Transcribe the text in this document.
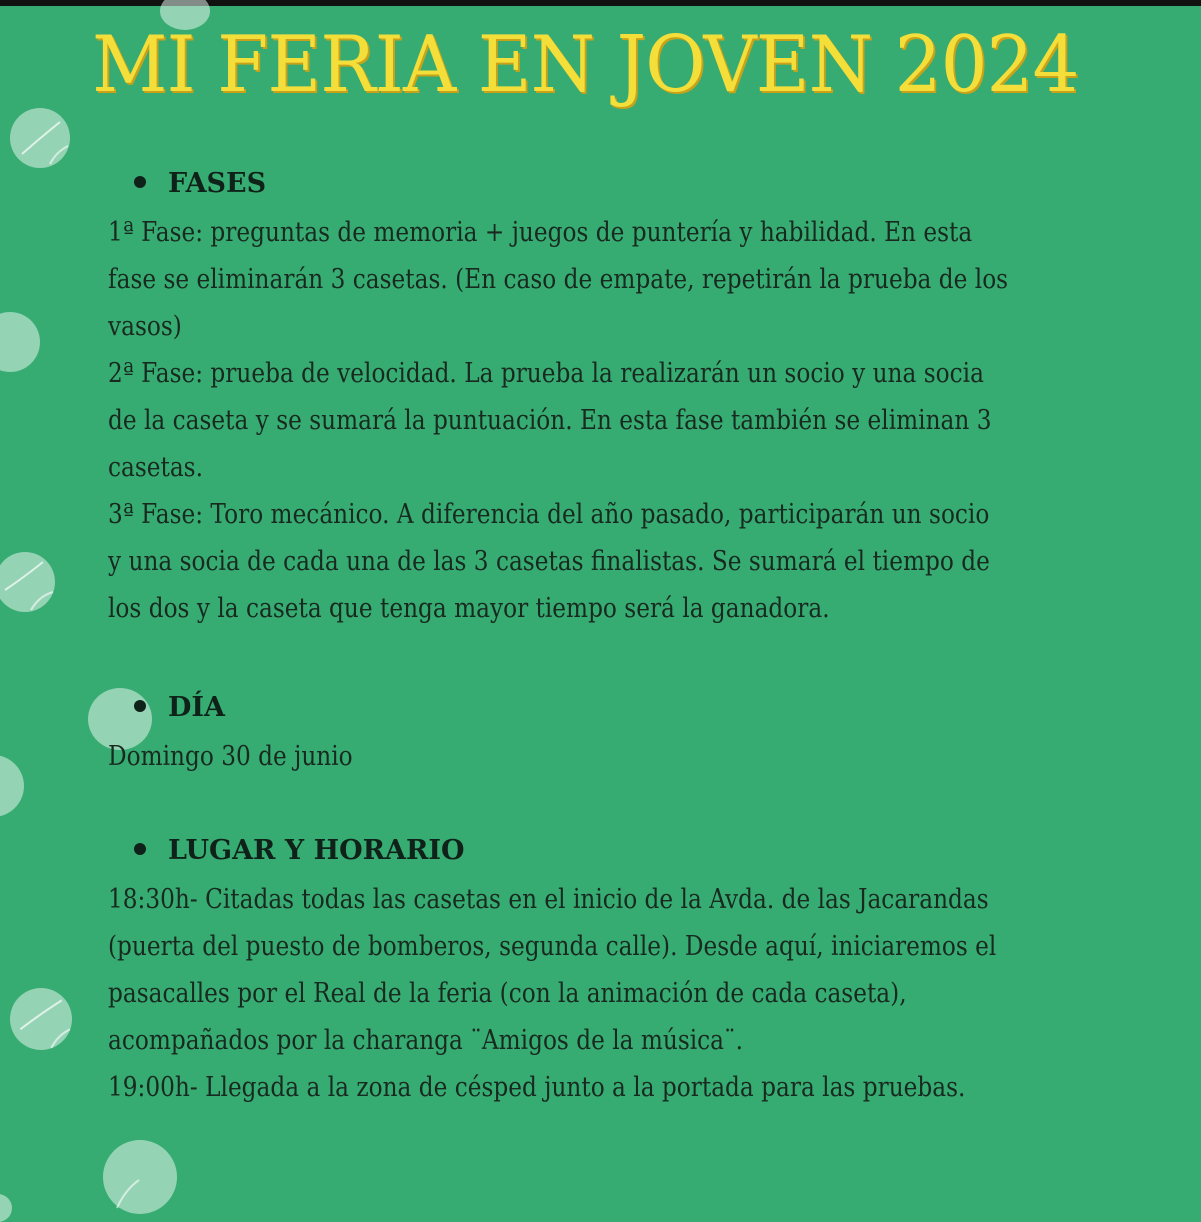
MI FERIA EN JOVEN 2024
FASES
1ª Fase: preguntas de memoria + juegos de puntería y habilidad. En esta
fase se eliminarán 3 casetas. (En caso de empate, repetirán la prueba de los
vasos)
2ª Fase: prueba de velocidad. La prueba la realizarán un socio y una socia
de la caseta y se sumará la puntuación. En esta fase también se eliminan 3
casetas.
3ª Fase: Toro mecánico. A diferencia del año pasado, participarán un socio
y una socia de cada una de las 3 casetas finalistas. Se sumará el tiempo de
los dos y la caseta que tenga mayor tiempo será la ganadora.
DÍA
Domingo 30 de junio
LUGAR Y HORARIO
18:30h- Citadas todas las casetas en el inicio de la Avda. de las Jacarandas
(puerta del puesto de bomberos, segunda calle). Desde aquí, iniciaremos el
pasacalles por el Real de la feria (con la animación de cada caseta),
acompañados por la charanga ¨Amigos de la música¨.
19:00h- Llegada a la zona de césped junto a la portada para las pruebas.
